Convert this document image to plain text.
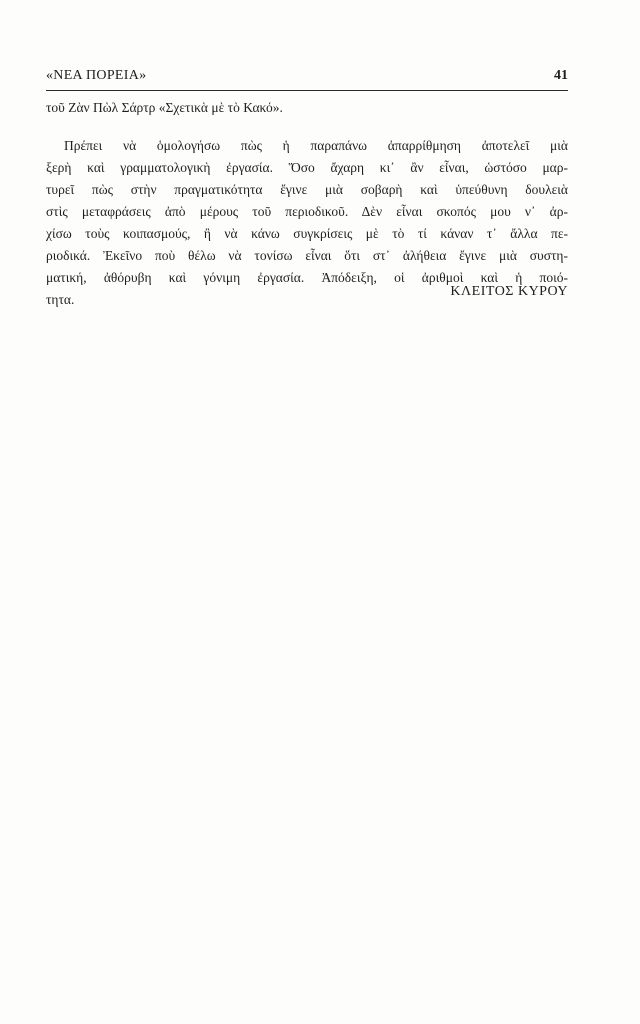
«ΝΕΑ ΠΟΡΕΙΑ»	41
τοῦ Ζὰν Πὼλ Σάρτρ «Σχετικὰ μὲ τὸ Κακό».
Πρέπει νὰ ὁμολογήσω πὼς ἡ παραπάνω ἀπαρρίθμηση ἀποτελεῖ μιὰ
ξερὴ καὶ γραμματολογικὴ ἐργασία. Ὅσο ἄχαρη κι᾿ ἂν εἶναι, ὡστόσο μαρ-
τυρεῖ πὼς στὴν πραγματικότητα ἔγινε μιὰ σοβαρὴ καὶ ὑπεύθυνη δουλειὰ
στὶς μεταφράσεις ἀπὸ μέρους τοῦ περιοδικοῦ. Δὲν εἶναι σκοπός μου ν᾿ ἀρ-
χίσω τοὺς κοιπασμούς, ἢ νὰ κάνω συγκρίσεις μὲ τὸ τί κάναν τ᾿ ἄλλα πε-
ριοδικά. Ἐκεῖνο ποὺ θέλω νὰ τονίσω εἶναι ὅτι στ᾿ ἀλήθεια ἔγινε μιὰ συστη-
ματική, ἀθόρυβη καὶ γόνιμη ἐργασία. Ἀπόδειξη, οἱ ἀριθμοὶ καὶ ἡ ποιό-
τητα.
ΚΛΕΙΤΟΣ ΚΥΡΟΥ
